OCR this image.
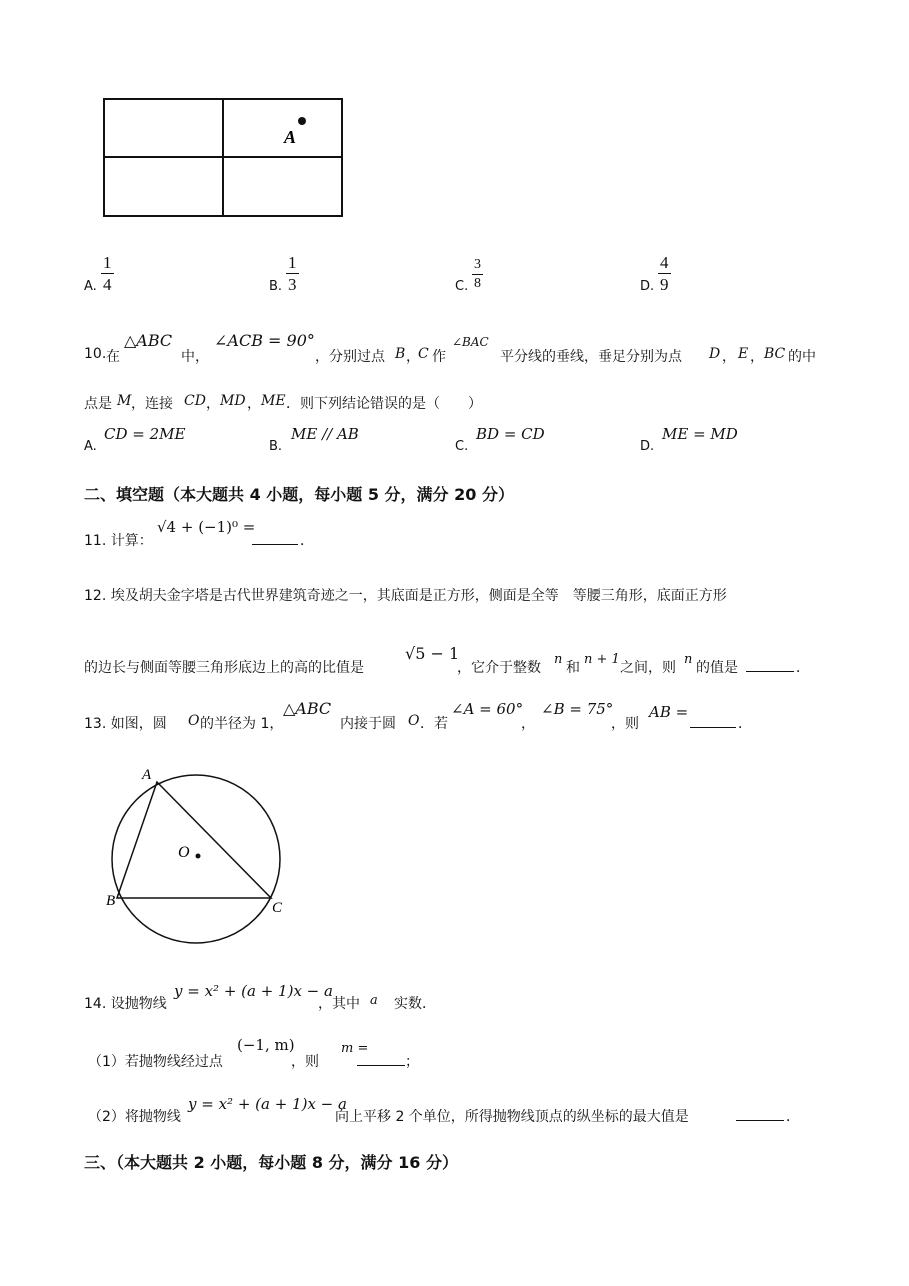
A
A.
1
4	B.
1
3	C.
3
8	D.
4
9
10. 在
△ABC
中，
∠ACB = 90°
，分别过点 B ，
C 作
∠BAC
平分线的垂线，垂足分别为点 D ， E ， BC 的中
点是 M ，连接 CD ， MD ， ME ．则下列结论错误的是（　　）
A.
CD = 2ME
B.
ME // AB
C.
BD = CD
D.
ME = MD
二、填空题（本大题共 4 小题，每小题 5 分，满分 20 分）
11. 计算：
√4 + (−1)⁰ =
．
12. 埃及胡夫金字塔是古代世界建筑奇迹之一，其底面是正方形，侧面是全等　等腰三角形，底面正方形
的边长与侧面等腰三角形底边上的高的比值是
√5 − 1
，它介于整数
n
和
n + 1
之间，则
n
的值是	．
13. 如图，圆 O 的半径为 1，
△ABC
内接于圆 O ．若
∠A = 60°
，
∠B = 75°
，则
AB =
．
A
B	C
O
14. 设抛物线
y = x² + (a + 1)x − a
，其中 a 　实数．
（1）若抛物线经过点
(−1, m)
，则
m =
；
（2）将抛物线
y = x² + (a + 1)x − a
向上平移 2 个单位，所得抛物线顶点的纵坐标的最大值是	．
三、（本大题共 2 小题，每小题 8 分，满分 16 分）
